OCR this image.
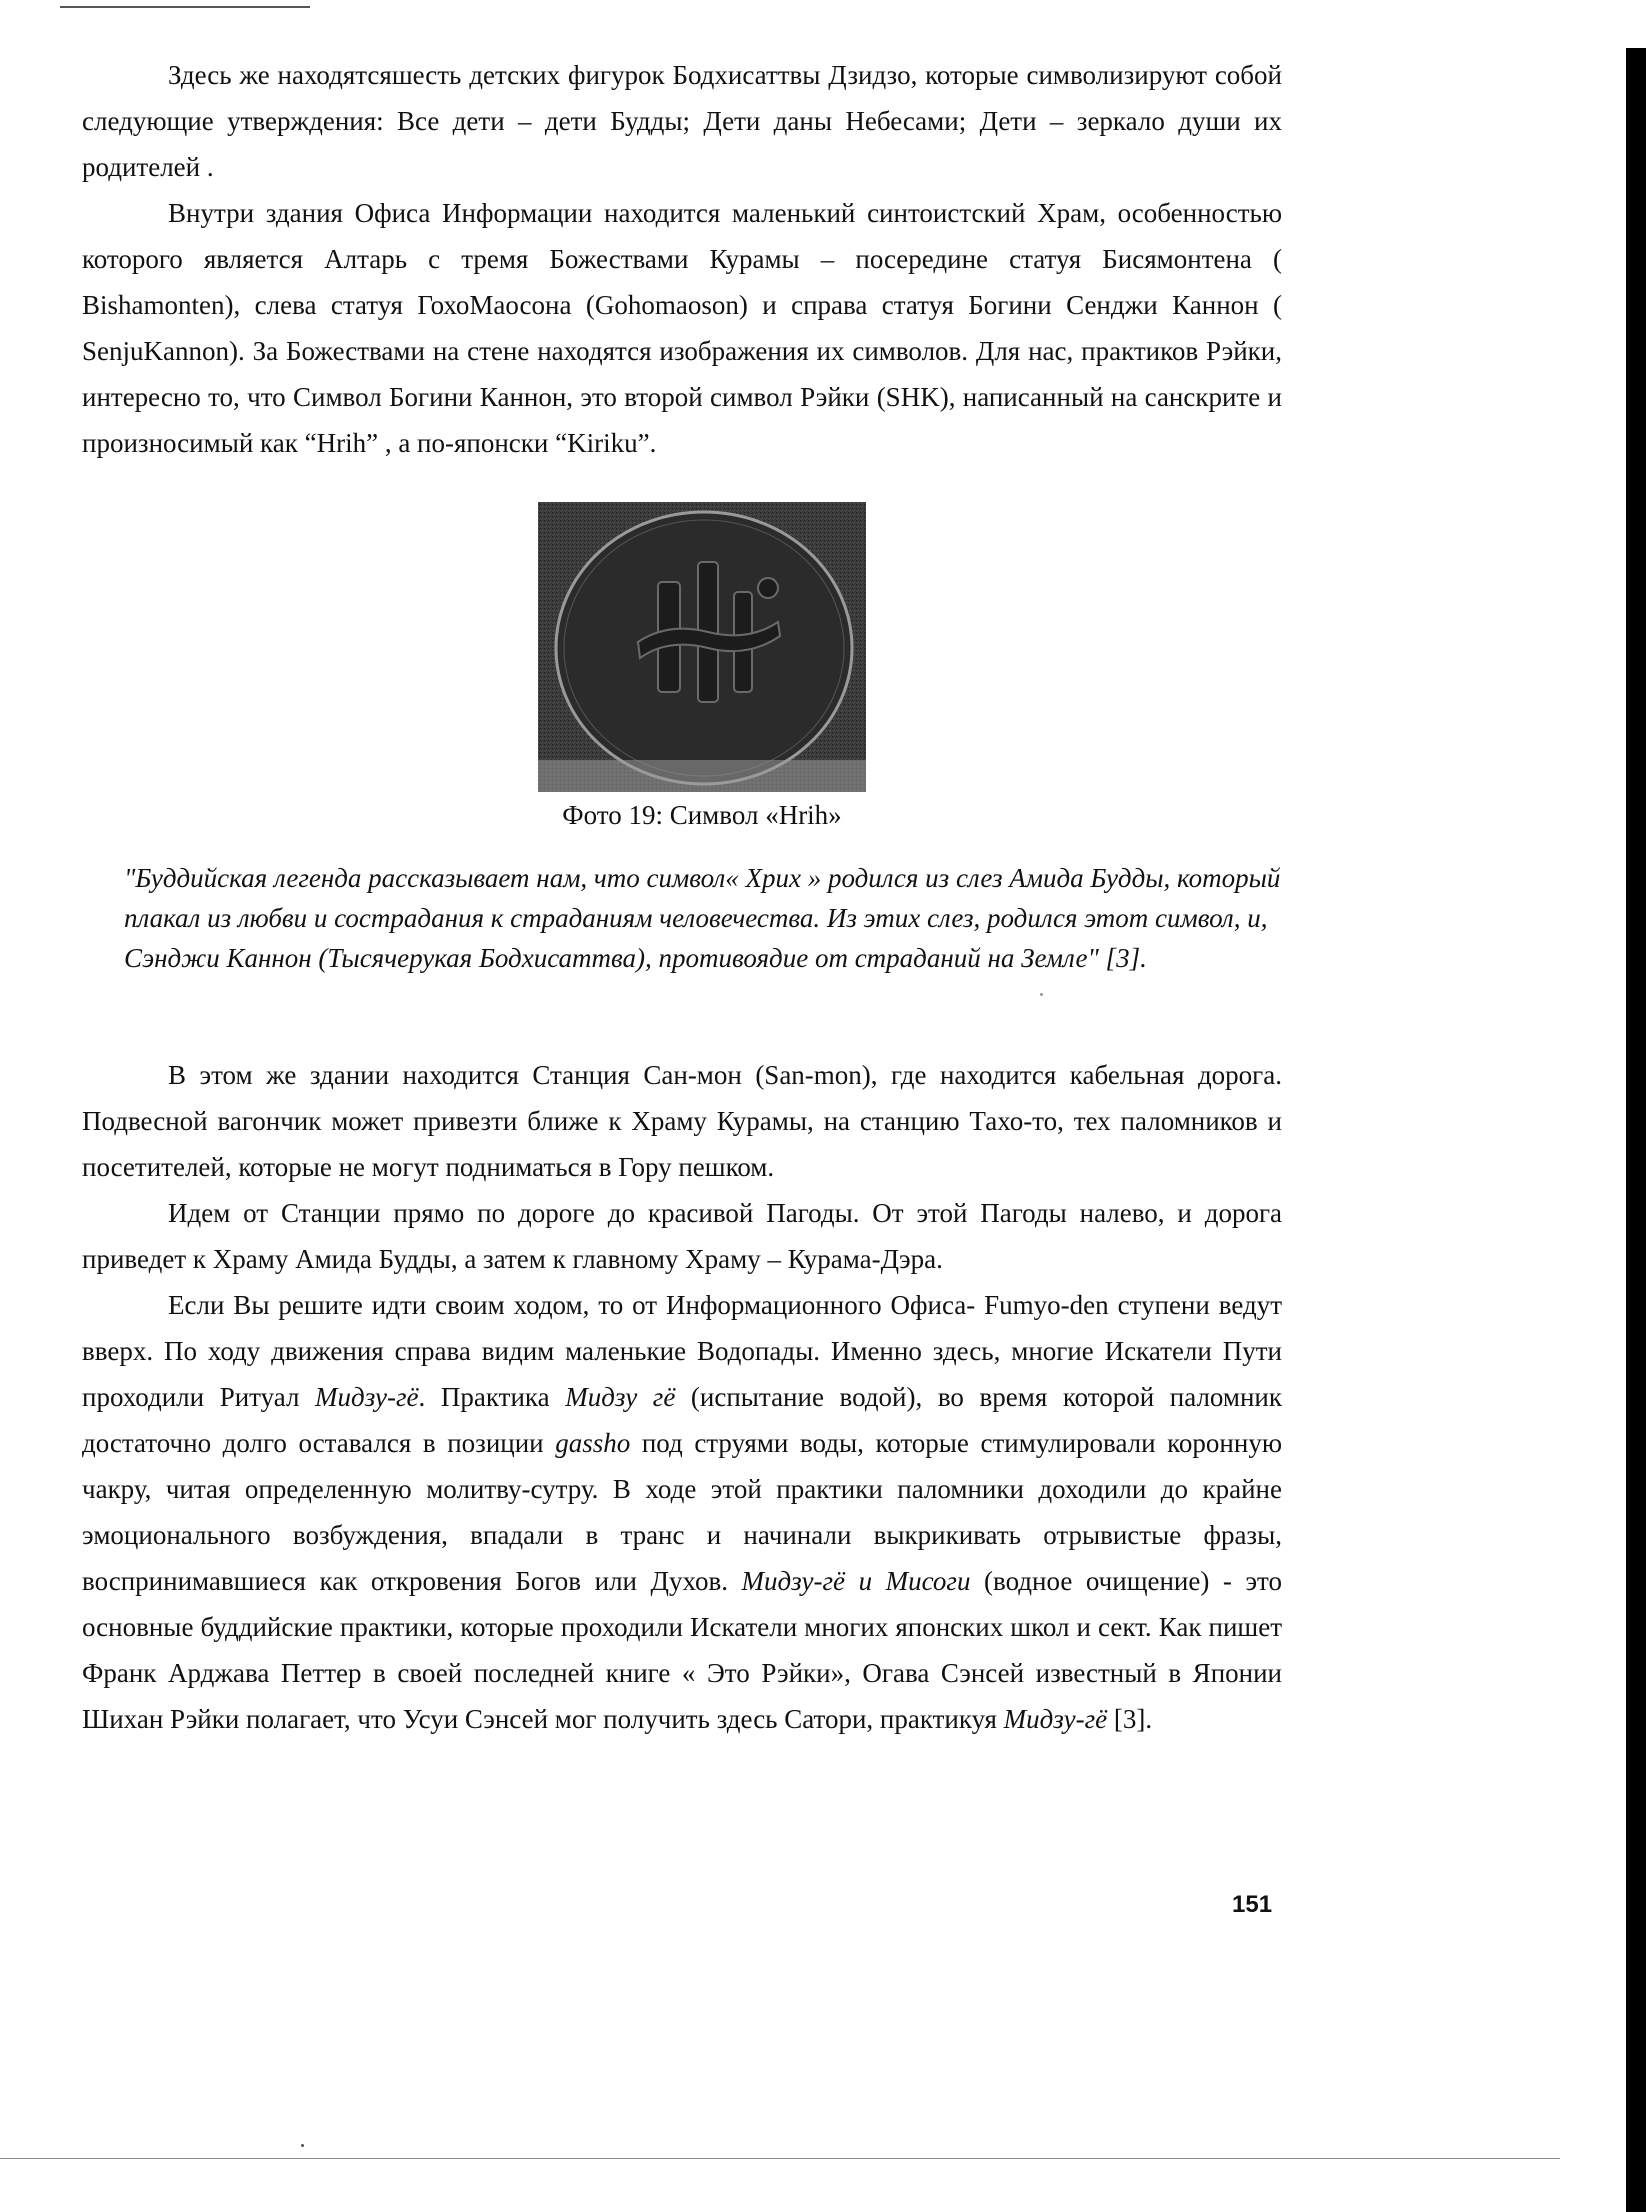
Здесь же находятсяшесть детских фигурок Бодхисаттвы Дзидзо, которые символизируют собой следующие утверждения: Все дети – дети Будды; Дети даны Небесами; Дети – зеркало души их родителей .

Внутри здания Офиса Информации находится маленький синтоистский Храм, особенностью которого является Алтарь с тремя Божествами Курамы – посередине статуя Бисямонтена ( Bishamonten), слева статуя ГохоМаосона (Gohomaoson) и справа статуя Богини Сенджи Каннон ( SenjuKannon). За Божествами на стене находятся изображения их символов. Для нас, практиков Рэйки, интересно то, что Символ Богини Каннон, это второй символ Рэйки (SHK), написанный на санскрите и произносимый как “Hrih” , а по-японски “Kiriku”.

Фото 19: Символ «Hrih»

"Буддийская легенда рассказывает нам, что символ« Хрих » родился из слез Амида Будды, который плакал из любви и сострадания к страданиям человечества. Из этих слез, родился этот символ, и, Сэнджи Каннон (Тысячерукая Бодхисаттва), противоядие от страданий на Земле" [3].

В этом же здании находится Станция Сан-мон (San-mon), где находится кабельная дорога. Подвесной вагончик может привезти ближе к Храму Курамы, на станцию Тахо-то, тех паломников и посетителей, которые не могут подниматься в Гору пешком.

Идем от Станции прямо по дороге до красивой Пагоды. От этой Пагоды налево, и дорога приведет к Храму Амида Будды, а затем к главному Храму – Курама-Дэра.

Если Вы решите идти своим ходом, то от Информационного Офиса- Fumyo-den ступени ведут вверх. По ходу движения справа видим маленькие Водопады. Именно здесь, многие Искатели Пути проходили Ритуал Мидзу-гё. Практика Мидзу гё (испытание водой), во время которой паломник достаточно долго оставался в позиции gassho под струями воды, которые стимулировали коронную чакру, читая определенную молитву-сутру. В ходе этой практики паломники доходили до крайне эмоционального возбуждения, впадали в транс и начинали выкрикивать отрывистые фразы, воспринимавшиеся как откровения Богов или Духов. Мидзу-гё и Мисоги (водное очищение) - это основные буддийские практики, которые проходили Искатели многих японских школ и сект. Как пишет Франк Арджава Петтер в своей последней книге « Это Рэйки», Огава Сэнсей известный в Японии Шихан Рэйки полагает, что Усуи Сэнсей мог получить здесь Сатори, практикуя Мидзу-гё [3].

151
